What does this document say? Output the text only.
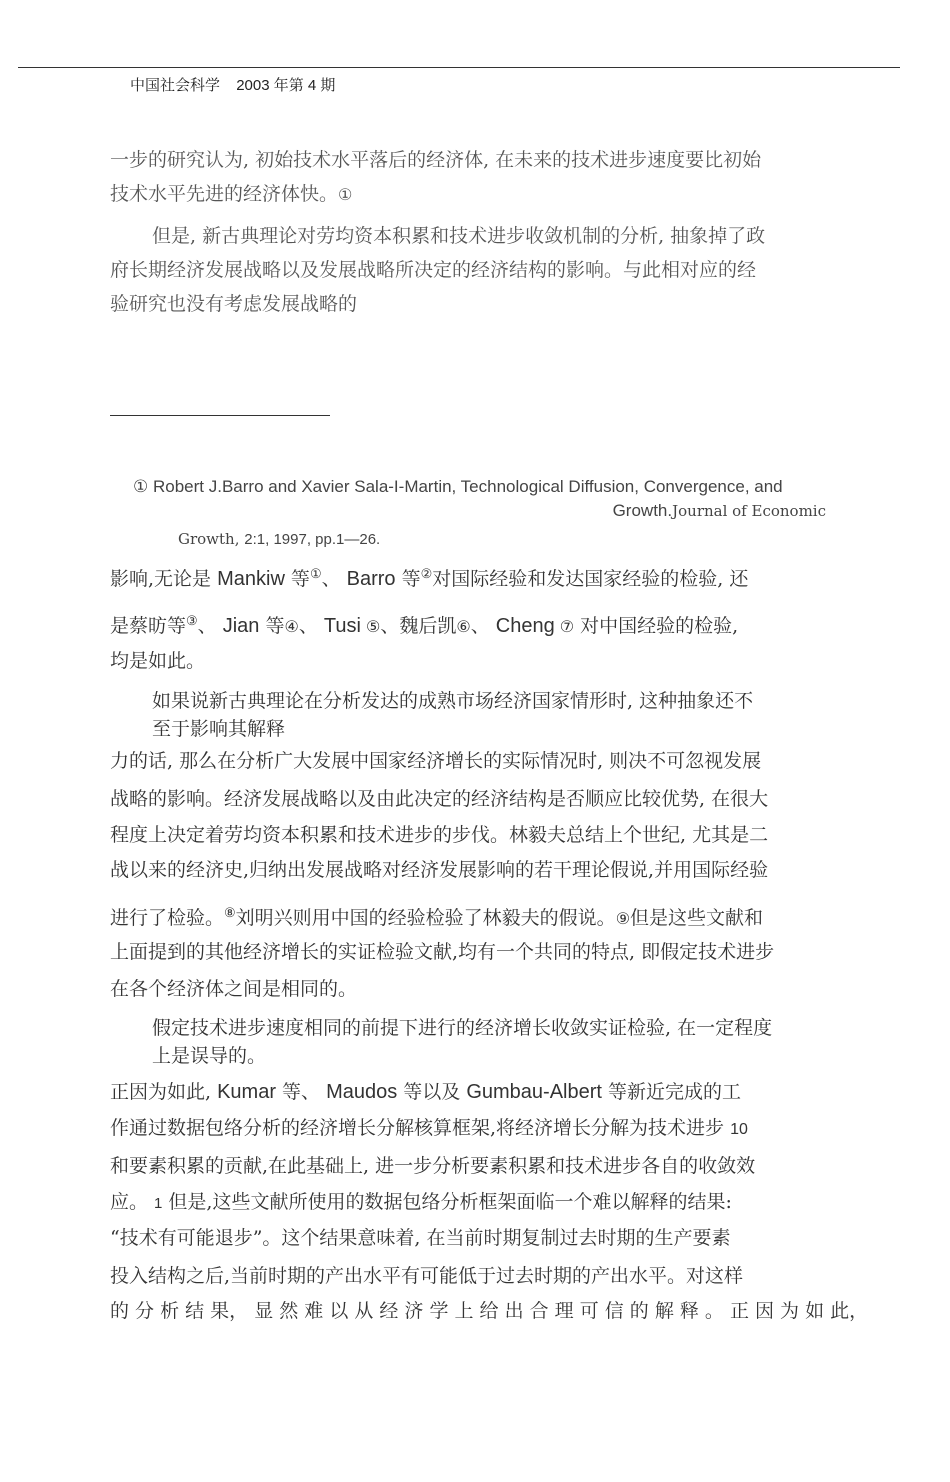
中国社会科学 2003 年第 4 期
一步的研究认为, 初始技术水平落后的经济体, 在未来的技术进步速度要比初始
技术水平先进的经济体快。①
但是, 新古典理论对劳均资本积累和技术进步收敛机制的分析, 抽象掉了政
府长期经济发展战略以及发展战略所决定的经济结构的影响。与此相对应的经
验研究也没有考虑发展战略的
① Robert J.Barro and Xavier Sala-I-Martin, Technological Diffusion, Convergence, and
Growth.Journal of Economic
Growth, 2:1, 1997, pp.1—26.
影响,无论是 Mankiw 等①、 Barro 等②对国际经验和发达国家经验的检验, 还
是蔡昉等③、 Jian 等④、 Tusi ⑤、魏后凯⑥、 Cheng ⑦ 对中国经验的检验,
均是如此。
如果说新古典理论在分析发达的成熟市场经济国家情形时, 这种抽象还不
至于影响其解释
力的话, 那么在分析广大发展中国家经济增长的实际情况时, 则决不可忽视发展
战略的影响。经济发展战略以及由此决定的经济结构是否顺应比较优势, 在很大
程度上决定着劳均资本积累和技术进步的步伐。林毅夫总结上个世纪, 尤其是二
战以来的经济史,归纳出发展战略对经济发展影响的若干理论假说,并用国际经验
进行了检验。⑧刘明兴则用中国的经验检验了林毅夫的假说。⑨但是这些文献和
上面提到的其他经济增长的实证检验文献,均有一个共同的特点, 即假定技术进步
在各个经济体之间是相同的。
假定技术进步速度相同的前提下进行的经济增长收敛实证检验, 在一定程度
上是误导的。
正因为如此, Kumar 等、 Maudos 等以及 Gumbau-Albert 等新近完成的工
作通过数据包络分析的经济增长分解核算框架,将经济增长分解为技术进步 10
和要素积累的贡献,在此基础上, 进一步分析要素积累和技术进步各自的收敛效
应。 1 但是,这些文献所使用的数据包络分析框架面临一个难以解释的结果:
“技术有可能退步”。这个结果意味着, 在当前时期复制过去时期的生产要素
投入结构之后,当前时期的产出水平有可能低于过去时期的产出水平。对这样
的 分 析 结 果， 显 然 难 以 从 经 济 学 上 给 出 合 理 可 信 的 解 释 。 正 因 为 如 此，
